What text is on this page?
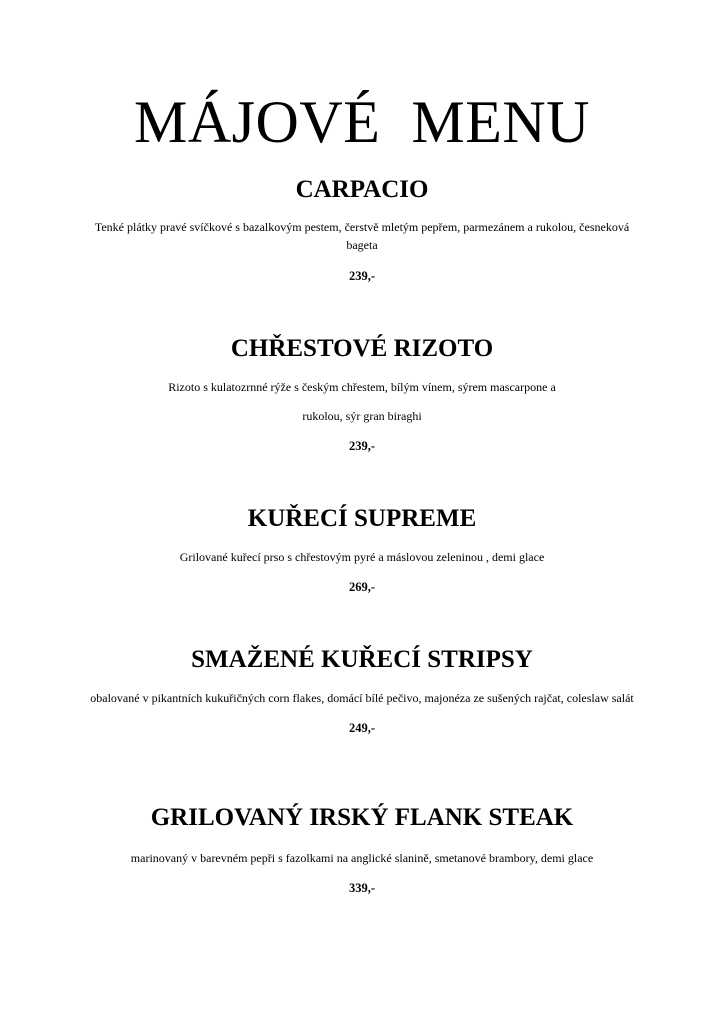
MÁJOVÉ  MENU
CARPACIO
Tenké plátky pravé svíčkové s bazalkovým pestem, čerstvě mletým pepřem, parmezánem a rukolou, česneková bageta
239,-
CHŘESTOVÉ RIZOTO
Rizoto s kulatozrnné rýže s českým chřestem, bílým vínem, sýrem mascarpone a
rukolou, sýr gran biraghi
239,-
KUŘECÍ SUPREME
Grilované kuřecí prso s chřestovým pyré a máslovou zeleninou , demi glace
269,-
SMAŽENÉ KUŘECÍ STRIPSY
obalované v pikantních kukuřičných corn flakes, domácí bílé pečivo, majonéza ze sušených rajčat, coleslaw salát
249,-
GRILOVANÝ IRSKÝ FLANK STEAK
marinovaný v barevném pepři s fazolkami na anglické slanině, smetanové brambory, demi glace
339,-
